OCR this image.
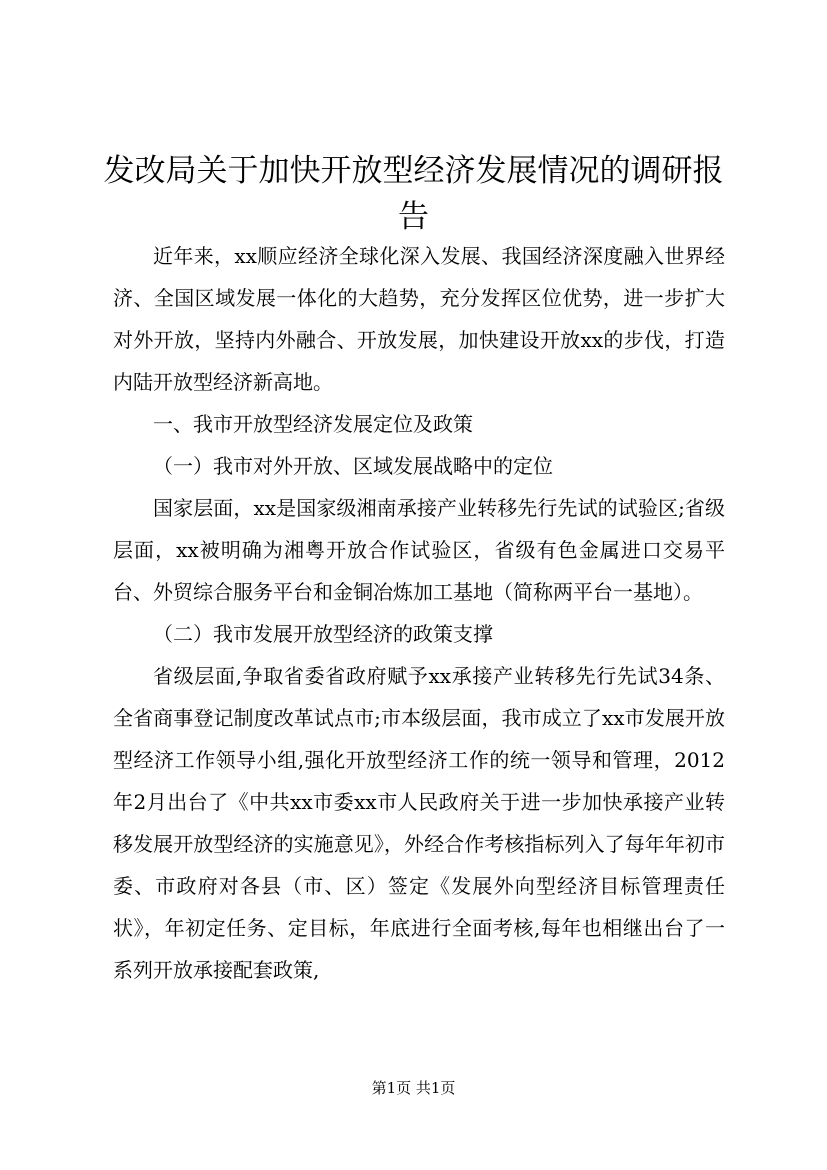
发改局关于加快开放型经济发展情况的调研报告

近年来，xx顺应经济全球化深入发展、我国经济深度融入世界经济、全国区域发展一体化的大趋势，充分发挥区位优势，进一步扩大对外开放，坚持内外融合、开放发展，加快建设开放xx的步伐，打造内陆开放型经济新高地。

一、我市开放型经济发展定位及政策

（一）我市对外开放、区域发展战略中的定位

国家层面，xx是国家级湘南承接产业转移先行先试的试验区;省级层面，xx被明确为湘粤开放合作试验区，省级有色金属进口交易平台、外贸综合服务平台和金铜冶炼加工基地（简称两平台一基地）。

（二）我市发展开放型经济的政策支撑

省级层面,争取省委省政府赋予xx承接产业转移先行先试34条、全省商事登记制度改革试点市;市本级层面，我市成立了xx市发展开放型经济工作领导小组,强化开放型经济工作的统一领导和管理，2012年2月出台了《中共xx市委xx市人民政府关于进一步加快承接产业转移发展开放型经济的实施意见》，外经合作考核指标列入了每年年初市委、市政府对各县（市、区）签定《发展外向型经济目标管理责任状》，年初定任务、定目标，年底进行全面考核,每年也相继出台了一系列开放承接配套政策,

第1页 共1页
